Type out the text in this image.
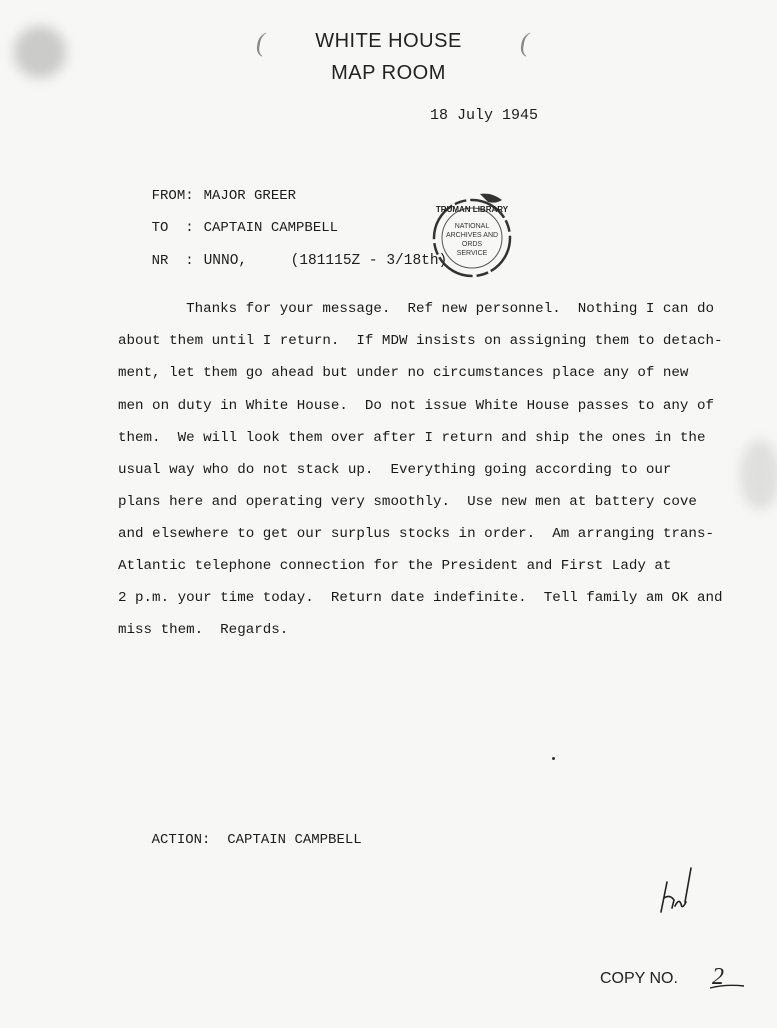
(	(
WHITE HOUSE
MAP ROOM
18 July 1945

FROM: MAJOR GREER

TO  : CAPTAIN CAMPBELL

NR  : UNNO,     (181115Z - 3/18th)

TRUMAN LIBRARY
NATIONAL
ARCHIVES AND
ORDS
SERVICE
Thanks for your message.  Ref new personnel.  Nothing I can do
about them until I return.  If MDW insists on assigning them to detach-
ment, let them go ahead but under no circumstances place any of new
men on duty in White House.  Do not issue White House passes to any of
them.  We will look them over after I return and ship the ones in the
usual way who do not stack up.  Everything going according to our
plans here and operating very smoothly.  Use new men at battery cove
and elsewhere to get our surplus stocks in order.  Am arranging trans-
Atlantic telephone connection for the President and First Lady at
2 p.m. your time today.  Return date indefinite.  Tell family am OK and
miss them.  Regards.

ACTION: CAPTAIN CAMPBELL

COPY NO. 2
